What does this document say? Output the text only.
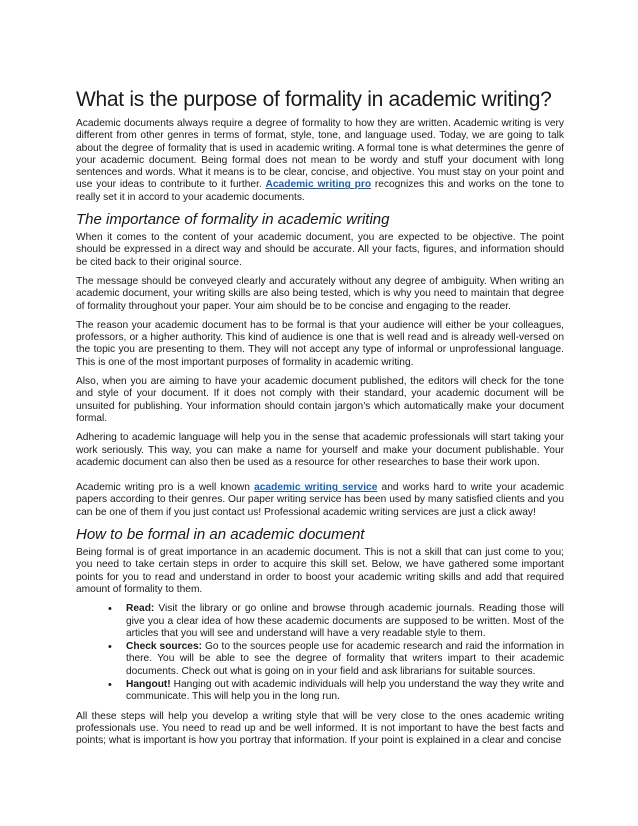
What is the purpose of formality in academic writing?

Academic documents always require a degree of formality to how they are written. Academic writing is very different from other genres in terms of format, style, tone, and language used. Today, we are going to talk about the degree of formality that is used in academic writing. A formal tone is what determines the genre of your academic document. Being formal does not mean to be wordy and stuff your document with long sentences and words. What it means is to be clear, concise, and objective. You must stay on your point and use your ideas to contribute to it further. Academic writing pro recognizes this and works on the tone to really set it in accord to your academic documents.

The importance of formality in academic writing

When it comes to the content of your academic document, you are expected to be objective. The point should be expressed in a direct way and should be accurate. All your facts, figures, and information should be cited back to their original source.

The message should be conveyed clearly and accurately without any degree of ambiguity. When writing an academic document, your writing skills are also being tested, which is why you need to maintain that degree of formality throughout your paper. Your aim should be to be concise and engaging to the reader.

The reason your academic document has to be formal is that your audience will either be your colleagues, professors, or a higher authority. This kind of audience is one that is well read and is already well-versed on the topic you are presenting to them. They will not accept any type of informal or unprofessional language. This is one of the most important purposes of formality in academic writing.

Also, when you are aiming to have your academic document published, the editors will check for the tone and style of your document. If it does not comply with their standard, your academic document will be unsuited for publishing. Your information should contain jargon’s which automatically make your document formal.

Adhering to academic language will help you in the sense that academic professionals will start taking your work seriously. This way, you can make a name for yourself and make your document publishable. Your academic document can also then be used as a resource for other researches to base their work upon.

Academic writing pro is a well known academic writing service and works hard to write your academic papers according to their genres. Our paper writing service has been used by many satisfied clients and you can be one of them if you just contact us! Professional academic writing services are just a click away!

How to be formal in an academic document

Being formal is of great importance in an academic document. This is not a skill that can just come to you; you need to take certain steps in order to acquire this skill set. Below, we have gathered some important points for you to read and understand in order to boost your academic writing skills and add that required amount of formality to them.

• Read: Visit the library or go online and browse through academic journals. Reading those will give you a clear idea of how these academic documents are supposed to be written. Most of the articles that you will see and understand will have a very readable style to them.
• Check sources: Go to the sources people use for academic research and raid the information in there. You will be able to see the degree of formality that writers impart to their academic documents. Check out what is going on in your field and ask librarians for suitable sources.
• Hangout! Hanging out with academic individuals will help you understand the way they write and communicate. This will help you in the long run.

All these steps will help you develop a writing style that will be very close to the ones academic writing professionals use. You need to read up and be well informed. It is not important to have the best facts and points; what is important is how you portray that information. If your point is explained in a clear and concise
